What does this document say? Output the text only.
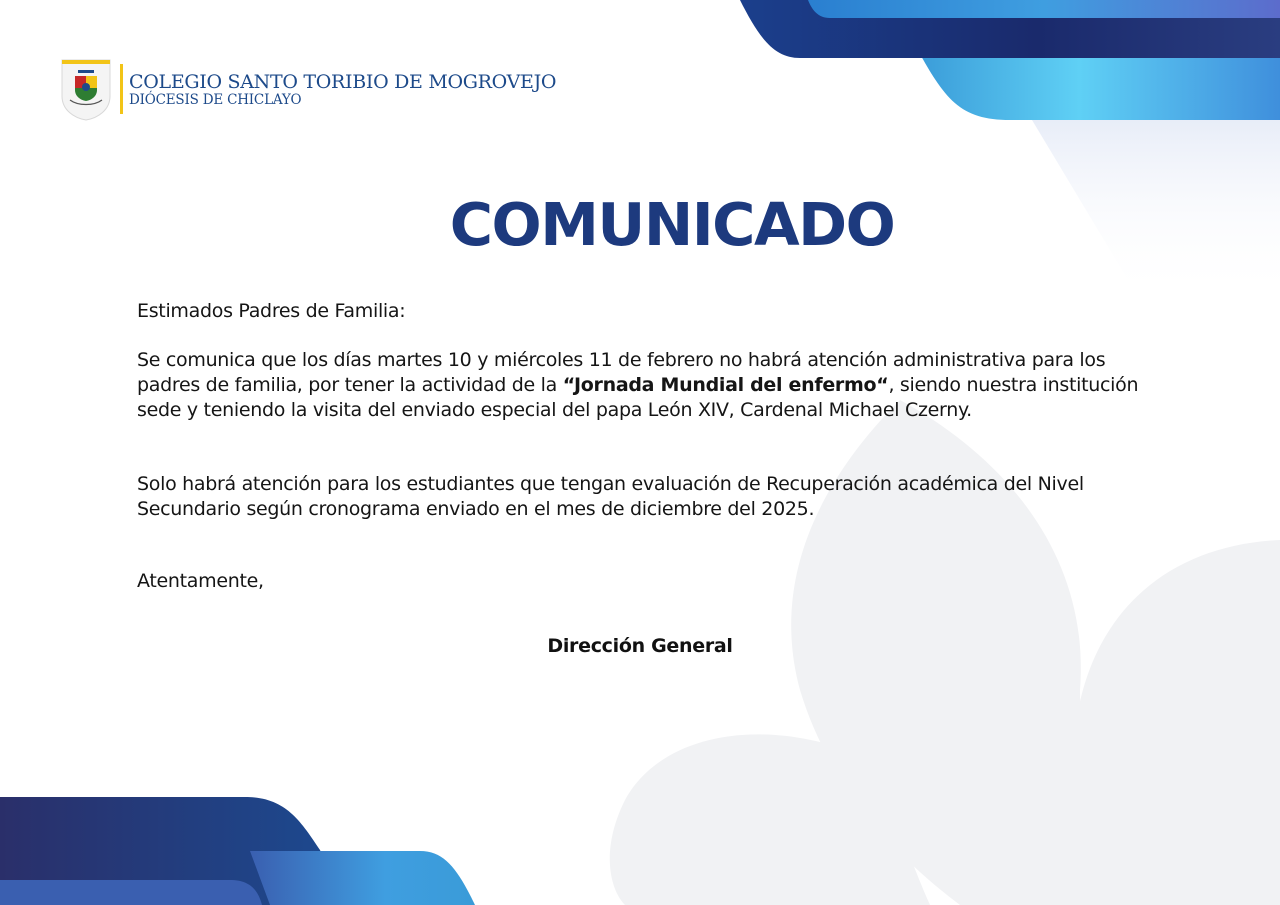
COLEGIO SANTO TORIBIO DE MOGROVEJO
DIÓCESIS DE CHICLAYO
COMUNICADO

Estimados Padres de Familia:

Se comunica que los días martes 10 y miércoles 11 de febrero no habrá atención administrativa para los padres de familia, por tener la actividad de la “Jornada Mundial del enfermo“, siendo nuestra institución sede y teniendo la visita del enviado especial del papa León XIV, Cardenal Michael Czerny.

Solo habrá atención para los estudiantes que tengan evaluación de Recuperación académica del Nivel Secundario según cronograma enviado en el mes de diciembre del 2025.

Atentamente,

Dirección General
